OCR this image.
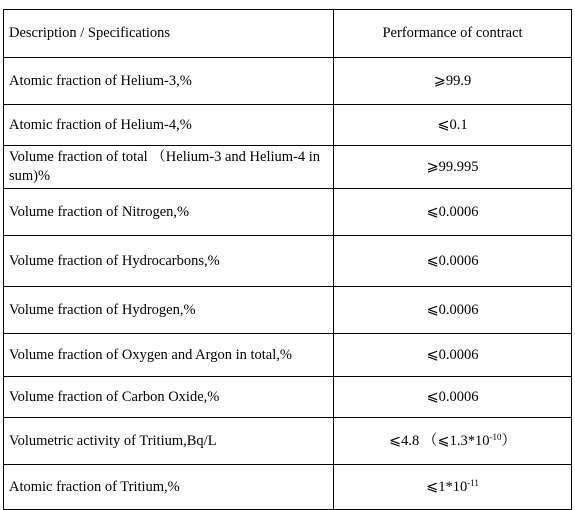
Description / Specifications	Performance of contract
Atomic fraction of Helium-3,%	⩾99.9
Atomic fraction of Helium-4,%	⩽0.1
Volume fraction of total （Helium-3 and Helium-4 in sum)%	⩾99.995
Volume fraction of Nitrogen,%	⩽0.0006
Volume fraction of Hydrocarbons,%	⩽0.0006
Volume fraction of Hydrogen,%	⩽0.0006
Volume fraction of Oxygen and Argon in total,%	⩽0.0006
Volume fraction of Carbon Oxide,%	⩽0.0006
Volumetric activity of Tritium,Bq/L	⩽4.8 $(⩽1.3*10^{-10})$
Atomic fraction of Tritium,%	$⩽1*10^{-11}$
